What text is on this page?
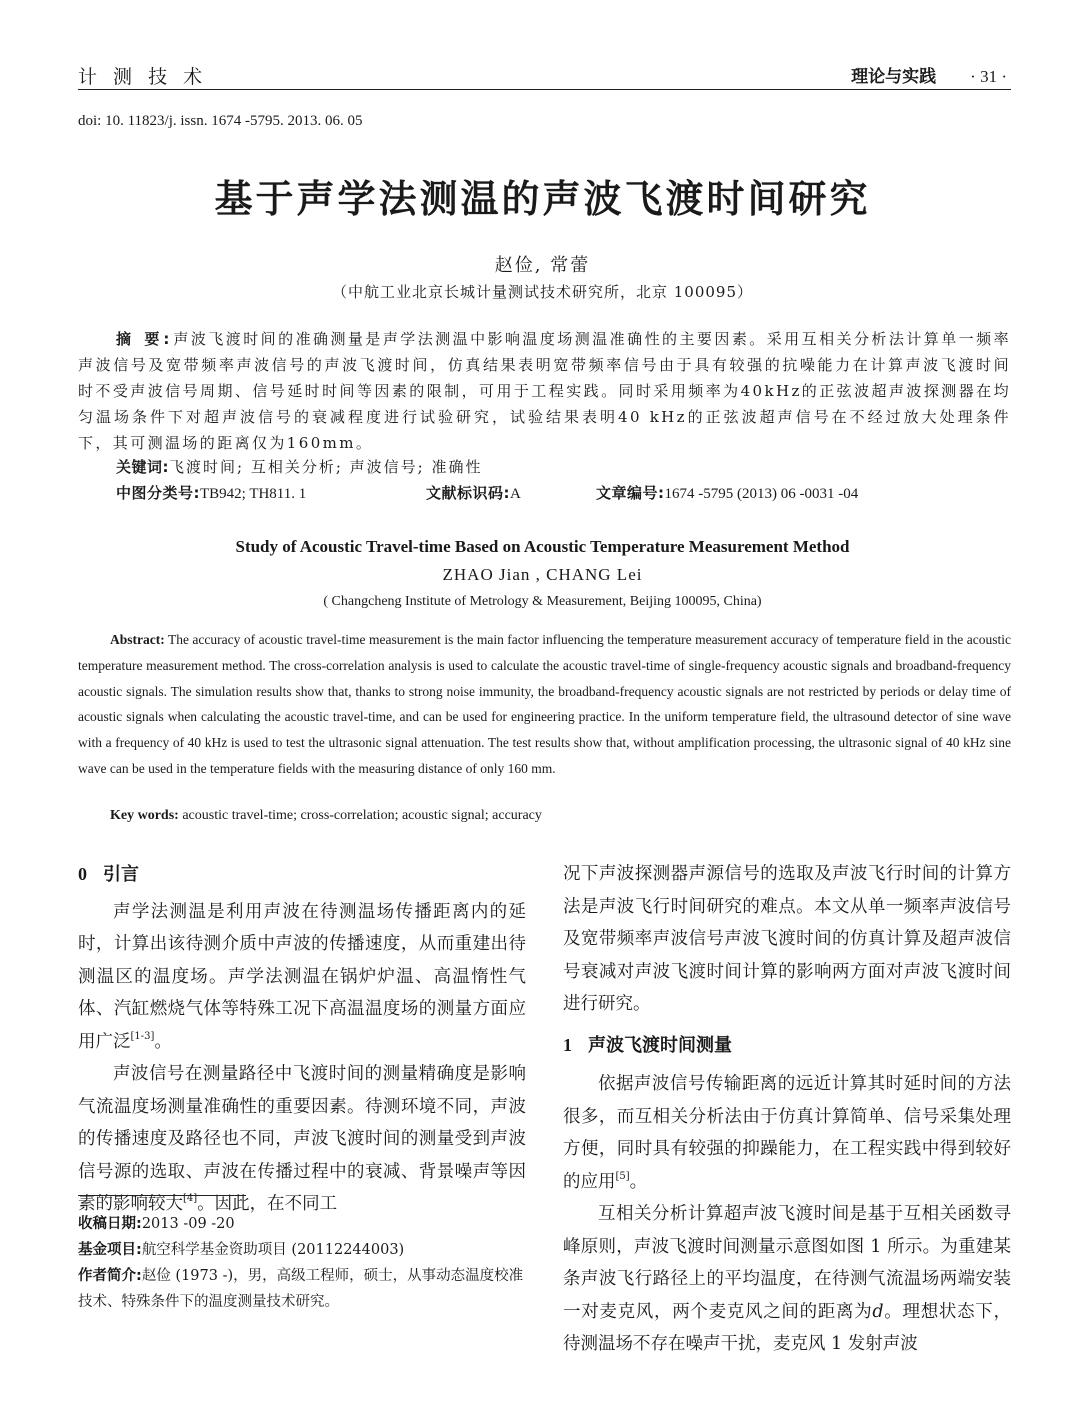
计 测 技 术	理论与实践 · 31 ·
doi: 10. 11823/j. issn. 1674 -5795. 2013. 06. 05
基于声学法测温的声波飞渡时间研究
赵俭, 常蕾
（中航工业北京长城计量测试技术研究所，北京 100095）
摘 要:声波飞渡时间的准确测量是声学法测温中影响温度场测温准确性的主要因素。采用互相关分析法计算单一频率声波信号及宽带频率声波信号的声波飞渡时间，仿真结果表明宽带频率信号由于具有较强的抗噪能力在计算声波飞渡时间时不受声波信号周期、信号延时时间等因素的限制，可用于工程实践。同时采用频率为40kHz的正弦波超声波探测器在均匀温场条件下对超声波信号的衰减程度进行试验研究，试验结果表明40 kHz的正弦波超声信号在不经过放大处理条件下，其可测温场的距离仅为160mm。
关键词:飞渡时间; 互相关分析; 声波信号; 准确性
中图分类号:TB942; TH811. 1	文献标识码:A	文章编号:1674 -5795 (2013) 06 -0031 -04
Study of Acoustic Travel-time Based on Acoustic Temperature Measurement Method
ZHAO Jian , CHANG Lei
( Changcheng Institute of Metrology & Measurement, Beijing 100095, China)
Abstract: The accuracy of acoustic travel-time measurement is the main factor influencing the temperature measurement accuracy of temperature field in the acoustic temperature measurement method. The cross-correlation analysis is used to calculate the acoustic travel-time of single-frequency acoustic signals and broadband-frequency acoustic signals. The simulation results show that, thanks to strong noise immunity, the broadband-frequency acoustic signals are not restricted by periods or delay time of acoustic signals when calculating the acoustic travel-time, and can be used for engineering practice. In the uniform temperature field, the ultrasound detector of sine wave with a frequency of 40 kHz is used to test the ultrasonic signal attenuation. The test results show that, without amplification processing, the ultrasonic signal of 40 kHz sine wave can be used in the temperature fields with the measuring distance of only 160 mm.
Key words: acoustic travel-time; cross-correlation; acoustic signal; accuracy
0 引言

声学法测温是利用声波在待测温场传播距离内的延时，计算出该待测介质中声波的传播速度，从而重建出待测温区的温度场。声学法测温在锅炉炉温、高温惰性气体、汽缸燃烧气体等特殊工况下高温温度场的测量方面应用广泛[1-3]。

声波信号在测量路径中飞渡时间的测量精确度是影响气流温度场测量准确性的重要因素。待测环境不同，声波的传播速度及路径也不同，声波飞渡时间的测量受到声波信号源的选取、声波在传播过程中的衰减、背景噪声等因素的影响较大[4]。因此，在不同工

收稿日期:2013 -09 -20
基金项目:航空科学基金资助项目 (20112244003)
作者简介:赵俭 (1973 -)，男，高级工程师，硕士，从事动态温度校准技术、特殊条件下的温度测量技术研究。

况下声波探测器声源信号的选取及声波飞行时间的计算方法是声波飞行时间研究的难点。本文从单一频率声波信号及宽带频率声波信号声波飞渡时间的仿真计算及超声波信号衰减对声波飞渡时间计算的影响两方面对声波飞渡时间进行研究。

1 声波飞渡时间测量

依据声波信号传输距离的远近计算其时延时间的方法很多，而互相关分析法由于仿真计算简单、信号采集处理方便，同时具有较强的抑躁能力，在工程实践中得到较好的应用[5]。

互相关分析计算超声波飞渡时间是基于互相关函数寻峰原则，声波飞渡时间测量示意图如图 1 所示。为重建某条声波飞行路径上的平均温度，在待测气流温场两端安装一对麦克风，两个麦克风之间的距离为d。理想状态下，待测温场不存在噪声干扰，麦克风 1 发射声波
